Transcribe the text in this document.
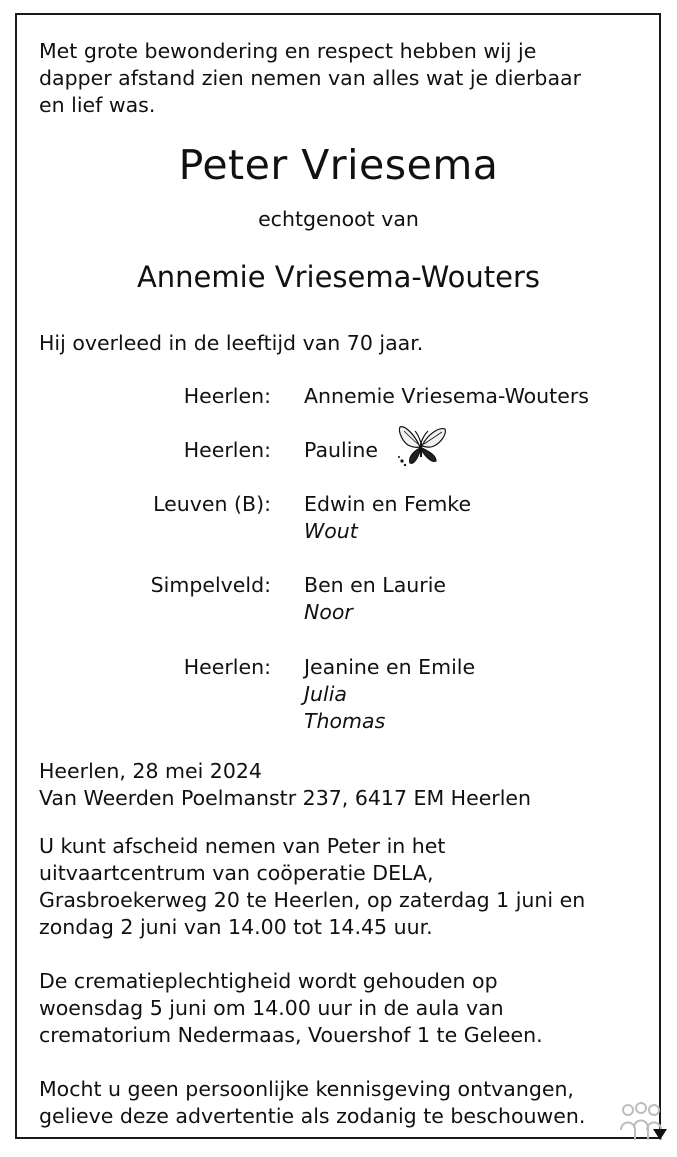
Met grote bewondering en respect hebben wij je
dapper afstand zien nemen van alles wat je dierbaar
en lief was.

Peter Vriesema
echtgenoot van
Annemie Vriesema-Wouters

Hij overleed in de leeftijd van 70 jaar.

Heerlen: Annemie Vriesema-Wouters
Heerlen: Pauline
Leuven (B): Edwin en Femke
Wout
Simpelveld: Ben en Laurie
Noor
Heerlen: Jeanine en Emile
Julia
Thomas

Heerlen, 28 mei 2024
Van Weerden Poelmanstr 237, 6417 EM Heerlen

U kunt afscheid nemen van Peter in het
uitvaartcentrum van coöperatie DELA,
Grasbroekerweg 20 te Heerlen, op zaterdag 1 juni en
zondag 2 juni van 14.00 tot 14.45 uur.

De crematieplechtigheid wordt gehouden op
woensdag 5 juni om 14.00 uur in de aula van
crematorium Nedermaas, Vouershof 1 te Geleen.

Mocht u geen persoonlijke kennisgeving ontvangen,
gelieve deze advertentie als zodanig te beschouwen.
